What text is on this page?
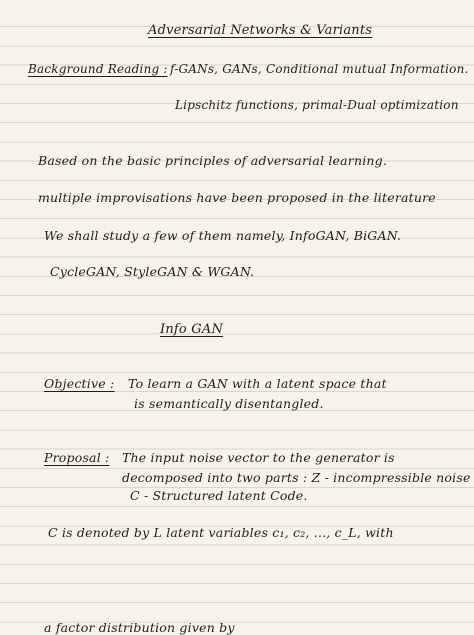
Adversarial Networks & Variants
Background Reading : f-GANs, GANs, Conditional mutual Information.
Lipschitz functions, primal-Dual optimization
Based on the basic principles of adversarial learning.
multiple improvisations have been proposed in the literature
We shall study a few of them namely, InfoGAN, BiGAN.
CycleGAN, StyleGAN & WGAN.
Info GAN
Objective : To learn a GAN with a latent space that
is semantically disentangled.
Proposal : The input noise vector to the generator is
decomposed into two parts : Z - incompressible noise
C - Structured latent Code.
C is denoted by L latent variables c₁, c₂, ..., c_L, with
a factor distribution given by
